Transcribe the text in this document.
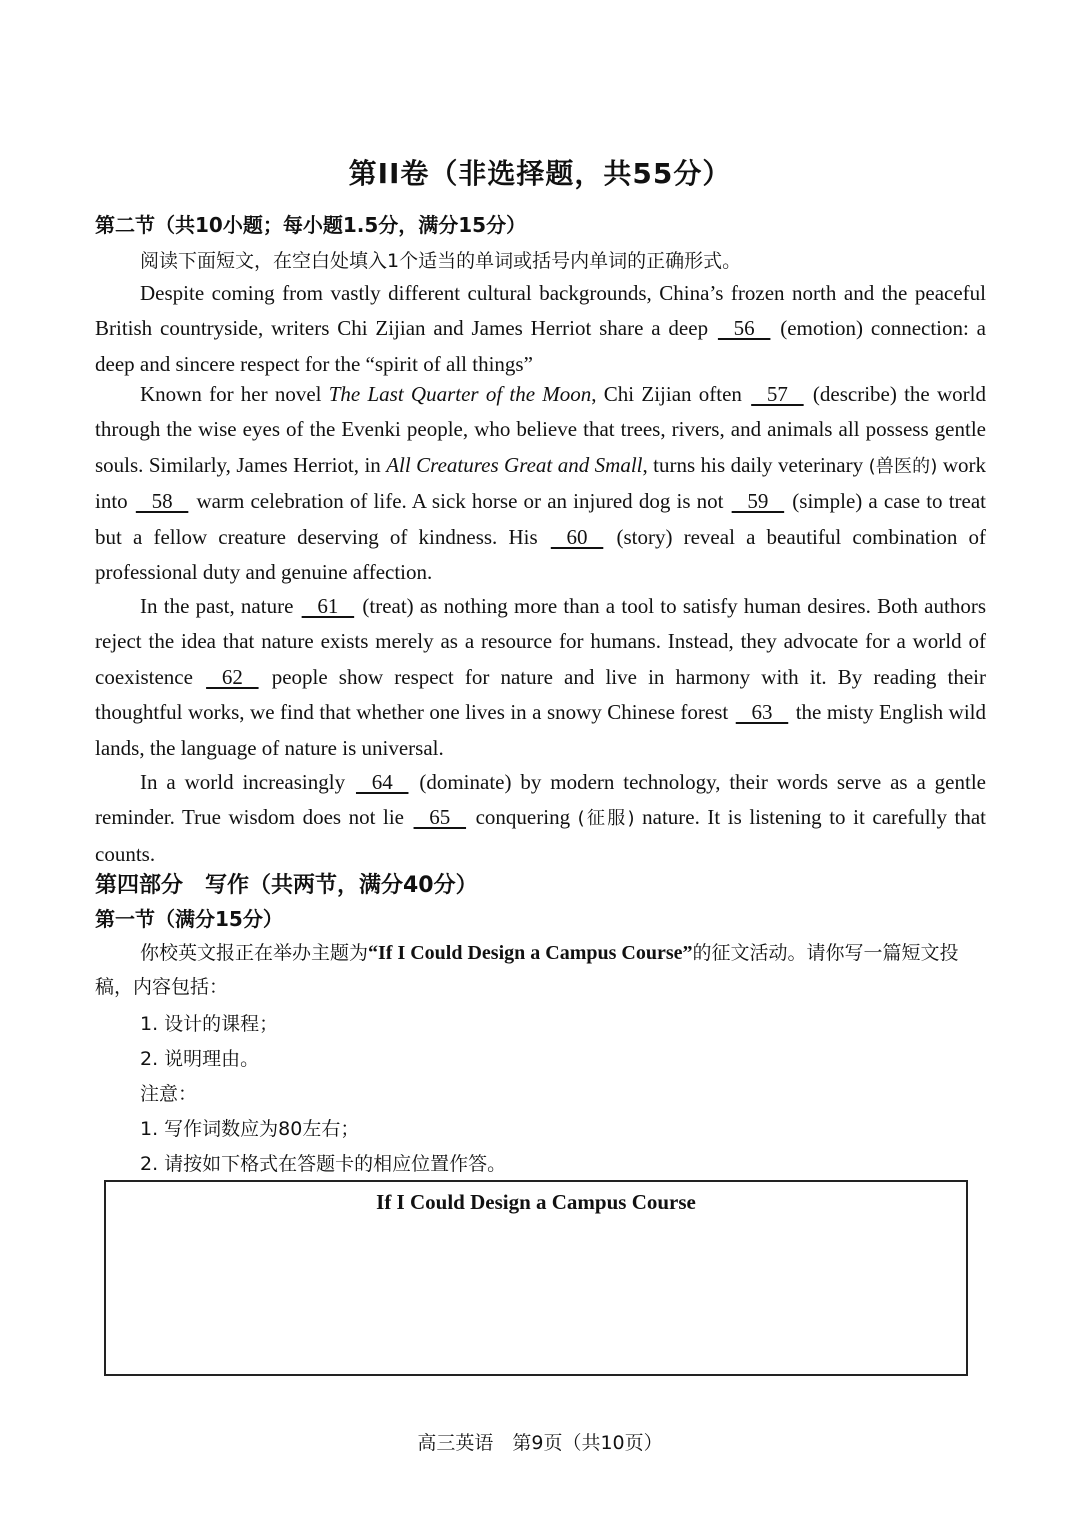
第II卷（非选择题，共55分）
第二节（共10小题；每小题1.5分，满分15分）
阅读下面短文，在空白处填入1个适当的单词或括号内单词的正确形式。

Despite coming from vastly different cultural backgrounds, China’s frozen north and the peaceful British countryside, writers Chi Zijian and James Herriot share a deep    56    (emotion) connection: a deep and sincere respect for the “spirit of all things”

Known for her novel The Last Quarter of the Moon, Chi Zijian often    57    (describe) the world through the wise eyes of the Evenki people, who believe that trees, rivers, and animals all possess gentle souls. Similarly, James Herriot, in All Creatures Great and Small, turns his daily veterinary (兽医的) work into    58    warm celebration of life. A sick horse or an injured dog is not    59    (simple) a case to treat but a fellow creature deserving of kindness. His    60    (story) reveal a beautiful combination of professional duty and genuine affection.

In the past, nature    61    (treat) as nothing more than a tool to satisfy human desires. Both authors reject the idea that nature exists merely as a resource for humans. Instead, they advocate for a world of coexistence    62    people show respect for nature and live in harmony with it. By reading their thoughtful works, we find that whether one lives in a snowy Chinese forest    63    the misty English wild lands, the language of nature is universal.

In a world increasingly    64    (dominate) by modern technology, their words serve as a gentle reminder. True wisdom does not lie    65    conquering (征服) nature. It is listening to it carefully that counts.

第四部分　写作（共两节，满分40分）
第一节（满分15分）

你校英文报正在举办主题为“If I Could Design a Campus Course”的征文活动。请你写一篇短文投稿，内容包括：

1. 设计的课程；
2. 说明理由。
注意：
1. 写作词数应为80左右；
2. 请按如下格式在答题卡的相应位置作答。
If I Could Design a Campus Course
高三英语　第9页（共10页）
